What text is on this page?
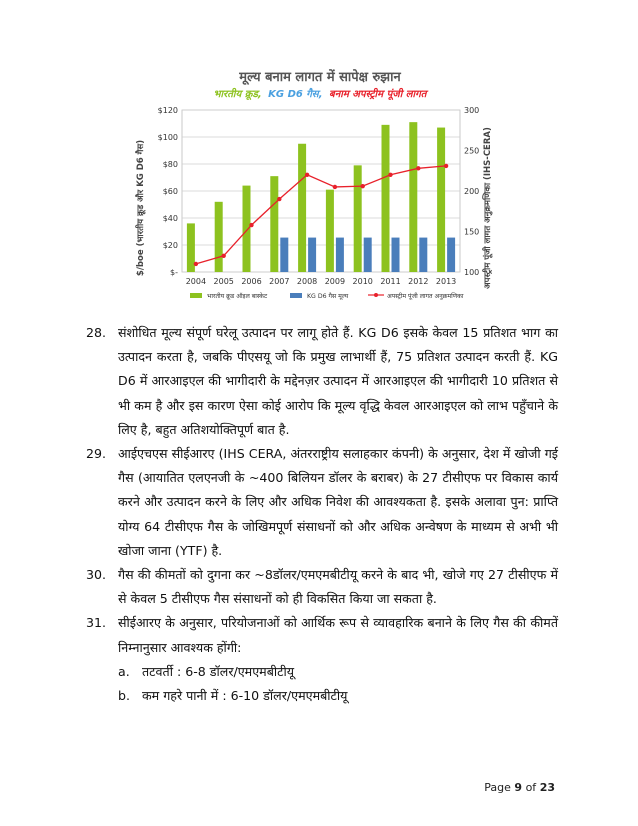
मूल्य बनाम लागत में सापेक्ष रुझान
भारतीय क्रूड, KG D6 गैस, बनाम अपस्ट्रीम पूंजी लागत
$-
$20
$40
$60
$80
$100
$120
100
150
200
250
300
2004 2005 2006 2007 2008 2009 2010 2011 2012 2013
$/boe (भारतीय क्रूड और KG D6 गैस)	अपस्ट्रीम पूंजी लागत अनुक्रमणिका (IHS-CERA)
भारतीय क्रूड ऑइल बास्केट	KG D6 गैस मूल्य	अपस्ट्रीम पूंजी लागत अनुक्रमणिका

28. संशोधित मूल्य संपूर्ण घरेलू उत्पादन पर लागू होते हैं. KG D6 इसके केवल 15 प्रतिशत भाग का उत्पादन करता है, जबकि पीएसयू जो कि प्रमुख लाभार्थी हैं, 75 प्रतिशत उत्पादन करती हैं. KG D6 में आरआइएल की भागीदारी के मद्देनज़र उत्पादन में आरआइएल की भागीदारी 10 प्रतिशत से भी कम है और इस कारण ऐसा कोई आरोप कि मूल्य वृद्धि केवल आरआइएल को लाभ पहुँचाने के लिए है, बहुत अतिशयोक्तिपूर्ण बात है.

29. आईएचएस सीईआरए (IHS CERA, अंतरराष्ट्रीय सलाहकार कंपनी) के अनुसार, देश में खोजी गई गैस (आयातित एलएनजी के ~400 बिलियन डॉलर के बराबर) के 27 टीसीएफ पर विकास कार्य करने और उत्पादन करने के लिए और अधिक निवेश की आवश्यकता है. इसके अलावा पुन: प्राप्ति योग्य 64 टीसीएफ गैस के जोखिमपूर्ण संसाधनों को और अधिक अन्वेषण के माध्यम से अभी भी खोजा जाना (YTF) है.

30. गैस की कीमतों को दुगना कर ~8डॉलर/एमएमबीटीयू करने के बाद भी, खोजे गए 27 टीसीएफ में से केवल 5 टीसीएफ गैस संसाधनों को ही विकसित किया जा सकता है.

31. सीईआरए के अनुसार, परियोजनाओं को आर्थिक रूप से व्यावहारिक बनाने के लिए गैस की कीमतें निम्नानुसार आवश्यक होंगी:

a. तटवर्ती : 6-8 डॉलर/एमएमबीटीयू

b. कम गहरे पानी में : 6-10 डॉलर/एमएमबीटीयू

Page 9 of 23
